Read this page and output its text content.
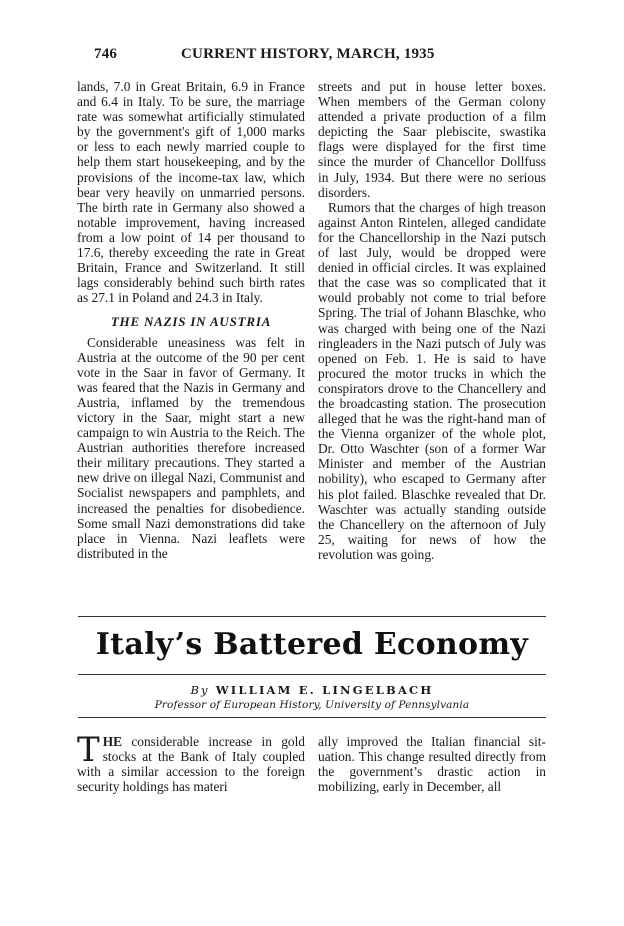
746	CURRENT HISTORY, MARCH, 1935

lands, 7.0 in Great Britain, 6.9 in France and 6.4 in Italy. To be sure, the marriage rate was somewhat artificially stimulated by the government's gift of 1,000 marks or less to each newly married couple to help them start housekeeping, and by the provisions of the income-tax law, which bear very heavily on unmarried persons. The birth rate in Germany also showed a notable improvement, having increased from a low point of 14 per thousand to 17.6, thereby exceeding the rate in Great Britain, France and Switzerland. It still lags considerably behind such birth rates as 27.1 in Poland and 24.3 in Italy.

THE NAZIS IN AUSTRIA

Considerable uneasiness was felt in Austria at the outcome of the 90 per cent vote in the Saar in favor of Germany. It was feared that the Nazis in Germany and Austria, inflamed by the tremendous victory in the Saar, might start a new campaign to win Austria to the Reich. The Austrian authorities therefore increased their military precautions. They started a new drive on illegal Nazi, Communist and Socialist newspapers and pamphlets, and increased the penalties for disobedience. Some small Nazi demonstrations did take place in Vienna. Nazi leaflets were distributed in the

streets and put in house letter boxes. When members of the German colony attended a private production of a film depicting the Saar plebiscite, swastika flags were displayed for the first time since the murder of Chancellor Dollfuss in July, 1934. But there were no serious disorders.

Rumors that the charges of high treason against Anton Rintelen, alleged candidate for the Chancellorship in the Nazi putsch of last July, would be dropped were denied in official circles. It was explained that the case was so complicated that it would probably not come to trial before Spring. The trial of Johann Blaschke, who was charged with being one of the Nazi ringleaders in the Nazi putsch of July was opened on Feb. 1. He is said to have procured the motor trucks in which the conspirators drove to the Chancellery and the broadcasting station. The prosecution alleged that he was the right-hand man of the Vienna organizer of the whole plot, Dr. Otto Waschter (son of a former War Minister and member of the Austrian nobility), who escaped to Germany after his plot failed. Blaschke revealed that Dr. Waschter was actually standing outside the Chancellery on the afternoon of July 25, waiting for news of how the revolution was going.

Italy’s Battered Economy
By WILLIAM E. LINGELBACH
Professor of European History, University of Pennsylvania

THE considerable increase in gold stocks at the Bank of Italy coupled with a similar accession to the foreign security holdings has materi

ally improved the Italian financial situation. This change resulted directly from the government’s drastic action in mobilizing, early in December, all
